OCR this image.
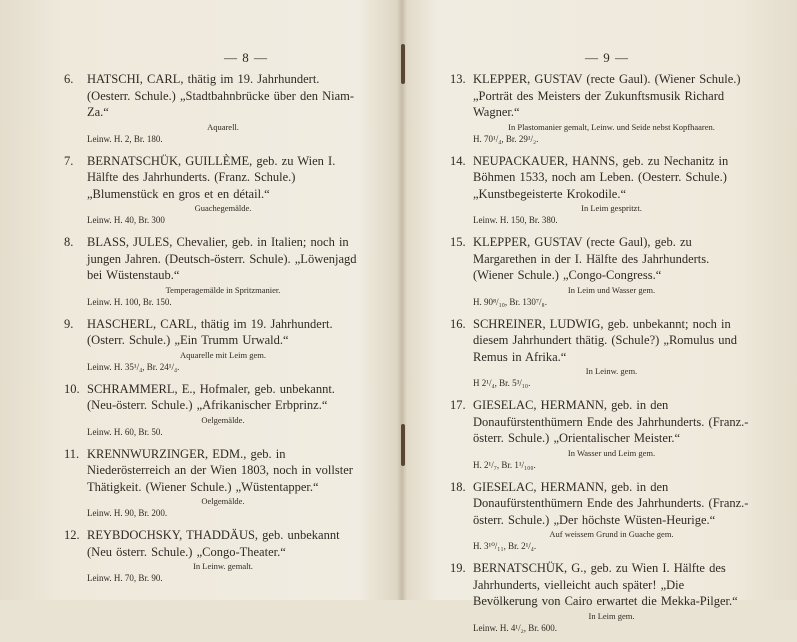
— 8 —
6. HATSCHI, CARL, thätig im 19. Jahrhundert. (Oesterr. Schule.) „Stadtbahnbrücke über den Niam-Za.“
Aquarell.
Leinw. H. 2, Br. 180.
7. BERNATSCHÜK, GUILLÈME, geb. zu Wien I. Hälfte des Jahrhunderts. (Franz. Schule.) „Blumenstück en gros et en détail.“
Guachegemälde.
Leinw. H. 40, Br. 300
8. BLASS, JULES, Chevalier, geb. in Italien; noch in jungen Jahren. (Deutsch-österr. Schule). „Löwenjagd bei Wüstenstaub.“
Temperagemälde in Spritzmanier.
Leinw. H. 100, Br. 150.
9. HASCHERL, CARL, thätig im 19. Jahrhundert. (Osterr. Schule.) „Ein Trumm Urwald.“
Aquarelle mit Leim gem.
Leinw. H. 35¹/₄, Br. 24¹/₄.
10. SCHRAMMERL, E., Hofmaler, geb. unbekannt. (Neu-österr. Schule.) „Afrikanischer Erbprinz.“
Oelgemälde.
Leinw. H. 60, Br. 50.
11. KRENNWURZINGER, EDM., geb. in Niederösterreich an der Wien 1803, noch in vollster Thätigkeit. (Wiener Schule.) „Wüstentapper.“
Oelgemälde.
Leinw. H. 90, Br. 200.
12. REYBDOCHSKY, THADDÄUS, geb. unbekannt (Neu österr. Schule.) „Congo-Theater.“
In Leinw. gemalt.
Leinw. H. 70, Br. 90.
— 9 —
13. KLEPPER, GUSTAV (recte Gaul). (Wiener Schule.) „Porträt des Meisters der Zukunftsmusik Richard Wagner.“
In Plastomanier gemalt, Leinw. und Seide nebst Kopfhaaren.
H. 70¹/₄, Br. 29¹/₂.
14. NEUPACKAUER, HANNS, geb. zu Nechanitz in Böhmen 1533, noch am Leben. (Oesterr. Schule.) „Kunstbegeisterte Krokodile.“
In Leim gespritzt.
Leinw. H. 150, Br. 380.
15. KLEPPER, GUSTAV (recte Gaul), geb. zu Margarethen in der I. Hälfte des Jahrhunderts. (Wiener Schule.) „Congo-Congress.“
In Leim und Wasser gem.
H. 90⁸/₁₀, Br. 130⁷/₈.
16. SCHREINER, LUDWIG, geb. unbekannt; noch in diesem Jahrhundert thätig. (Schule?) „Romulus und Remus in Afrika.“
In Leinw. gem.
H 2¹/₄, Br. 5³/₁₀.
17. GIESELAC, HERMANN, geb. in den Donaufürstenthümern Ende des Jahrhunderts. (Franz.-österr. Schule.) „Orientalischer Meister.“
In Wasser und Leim gem.
H. 2¹/₇, Br. 1¹/₁₀₀.
18. GIESELAC, HERMANN, geb. in den Donaufürstenthümern Ende des Jahrhunderts. (Franz.-österr. Schule.) „Der höchste Wüsten-Heurige.“
Auf weissem Grund in Guache gem.
H. 3¹⁰/₁₁, Br. 2¹/₄.
19. BERNATSCHÜK, G., geb. zu Wien I. Hälfte des Jahrhunderts, vielleicht auch später! „Die Bevölkerung von Cairo erwartet die Mekka-Pilger.“
In Leim gem.
Leinw. H. 4¹/₂, Br. 600.
